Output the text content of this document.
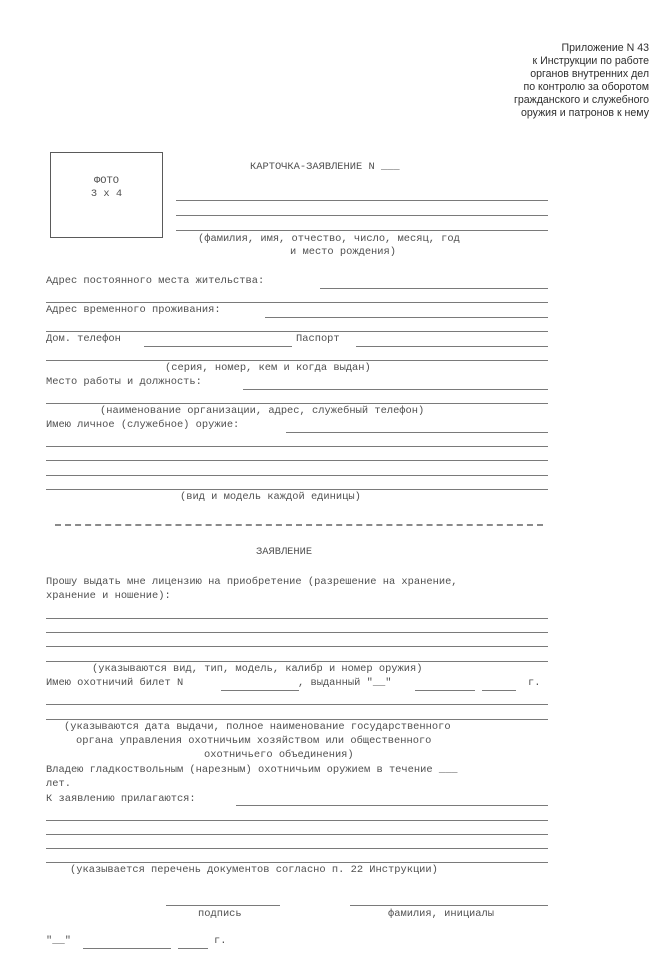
Приложение N 43
к Инструкции по работе
органов внутренних дел
по контролю за оборотом
гражданского и служебного
оружия и патронов к нему
ФОТО
3 x 4
КАРТОЧКА-ЗАЯВЛЕНИЕ N ___
(фамилия, имя, отчество, число, месяц, год
и место рождения)
Адрес постоянного места жительства:
Адрес временного проживания:
Дом. телефон	Паспорт
(серия, номер, кем и когда выдан)
Место работы и должность:
(наименование организации, адрес, служебный телефон)
Имею личное (служебное) оружие:
(вид и модель каждой единицы)
ЗАЯВЛЕНИЕ
Прошу выдать мне лицензию на приобретение (разрешение на хранение,
хранение и ношение):
(указываются вид, тип, модель, калибр и номер оружия)
Имею охотничий билет N	, выданный "__"	г.
(указываются дата выдачи, полное наименование государственного
органа управления охотничьим хозяйством или общественного
охотничьего объединения)
Владею гладкоствольным (нарезным) охотничьим оружием в течение ___
лет.
К заявлению прилагаются:
(указывается перечень документов согласно п. 22 Инструкции)
подпись	фамилия, инициалы
"__"	г.
